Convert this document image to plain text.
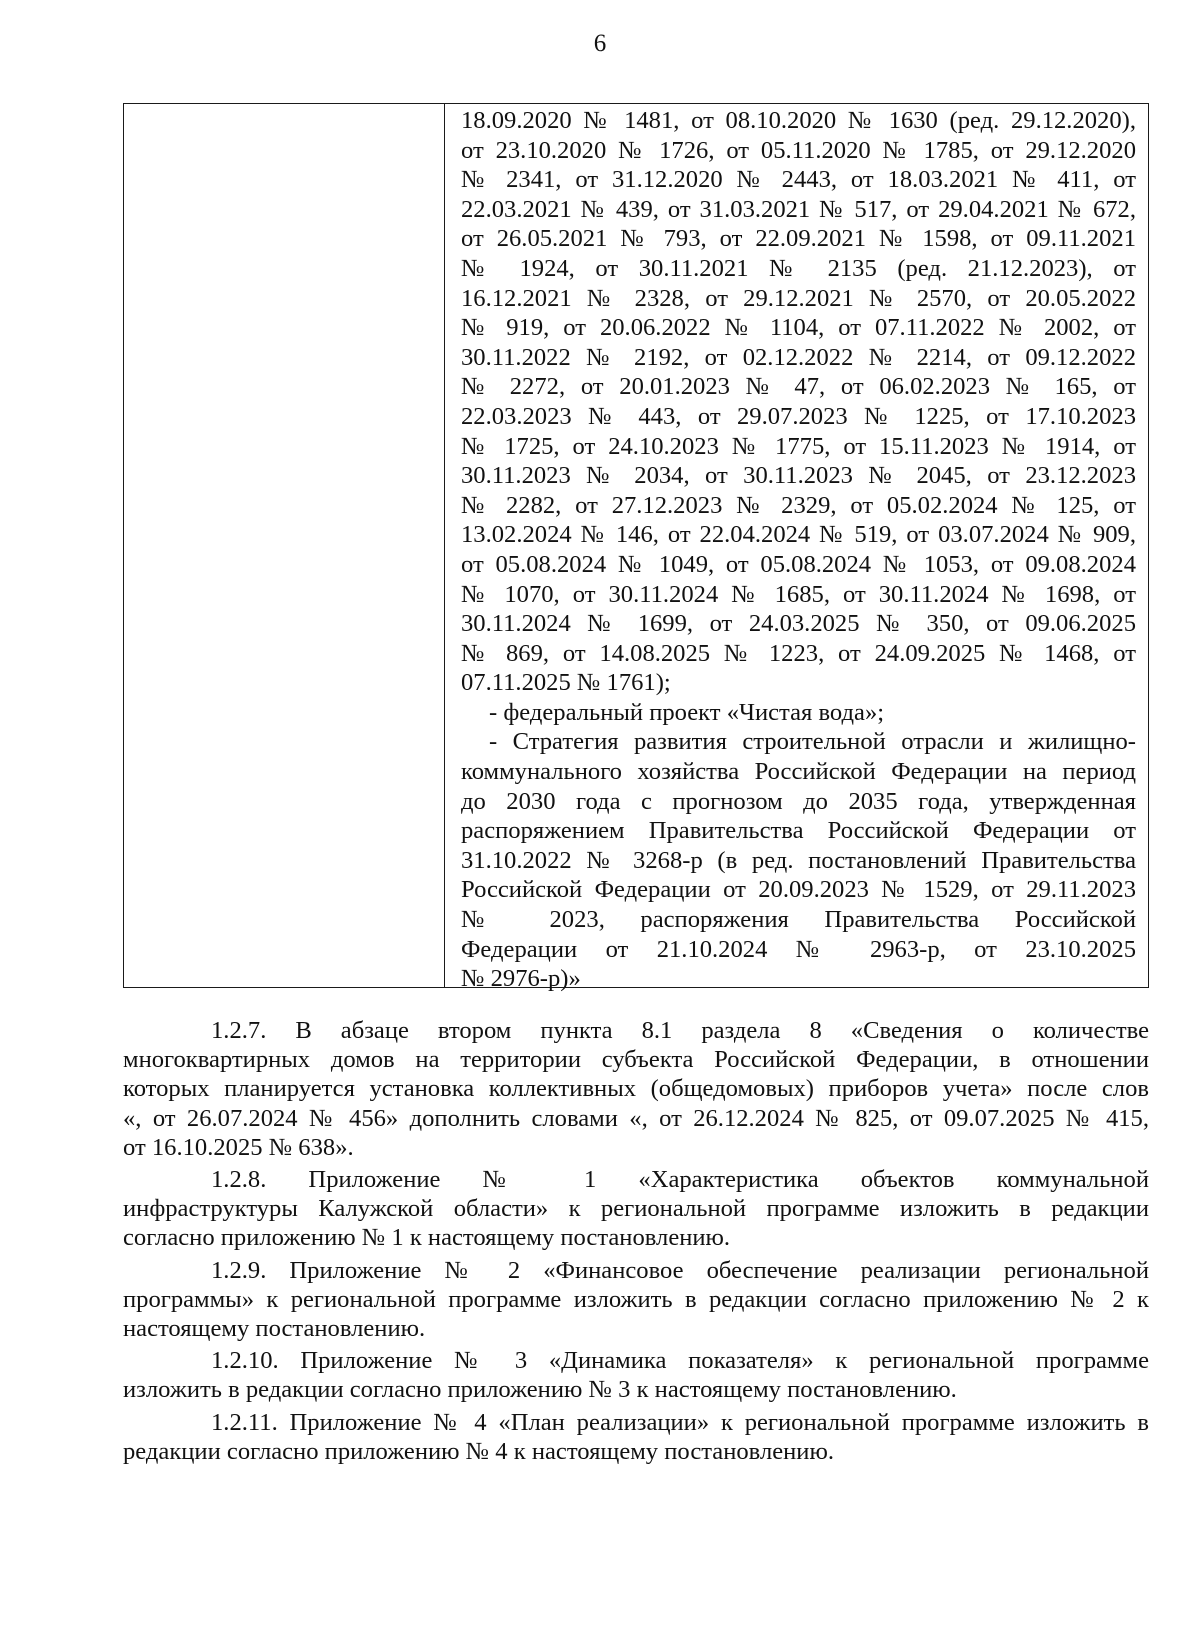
6
18.09.2020 № 1481, от 08.10.2020 № 1630 (ред. 29.12.2020),
от 23.10.2020 № 1726, от 05.11.2020 № 1785, от 29.12.2020
№ 2341, от 31.12.2020 № 2443, от 18.03.2021 № 411, от
22.03.2021 № 439, от 31.03.2021 № 517, от 29.04.2021 № 672,
от 26.05.2021 № 793, от 22.09.2021 № 1598, от 09.11.2021
№ 1924, от 30.11.2021 № 2135 (ред. 21.12.2023), от
16.12.2021 № 2328, от 29.12.2021 № 2570, от 20.05.2022
№ 919, от 20.06.2022 № 1104, от 07.11.2022 № 2002, от
30.11.2022 № 2192, от 02.12.2022 № 2214, от 09.12.2022
№ 2272, от 20.01.2023 № 47, от 06.02.2023 № 165, от
22.03.2023 № 443, от 29.07.2023 № 1225, от 17.10.2023
№ 1725, от 24.10.2023 № 1775, от 15.11.2023 № 1914, от
30.11.2023 № 2034, от 30.11.2023 № 2045, от 23.12.2023
№ 2282, от 27.12.2023 № 2329, от 05.02.2024 № 125, от
13.02.2024 № 146, от 22.04.2024 № 519, от 03.07.2024 № 909,
от 05.08.2024 № 1049, от 05.08.2024 № 1053, от 09.08.2024
№ 1070, от 30.11.2024 № 1685, от 30.11.2024 № 1698, от
30.11.2024 № 1699, от 24.03.2025 № 350, от 09.06.2025
№ 869, от 14.08.2025 № 1223, от 24.09.2025 № 1468, от
07.11.2025 № 1761);
- федеральный проект «Чистая вода»;
- Стратегия развития строительной отрасли и жилищно-
коммунального хозяйства Российской Федерации на период
до 2030 года с прогнозом до 2035 года, утвержденная
распоряжением Правительства Российской Федерации от
31.10.2022 № 3268-р (в ред. постановлений Правительства
Российской Федерации от 20.09.2023 № 1529, от 29.11.2023
№ 2023, распоряжения Правительства Российской
Федерации от 21.10.2024 № 2963-р, от 23.10.2025
№ 2976-р)»
1.2.7. В абзаце втором пункта 8.1 раздела 8 «Сведения о количестве
многоквартирных домов на территории субъекта Российской Федерации, в отношении
которых планируется установка коллективных (общедомовых) приборов учета» после слов
«, от 26.07.2024 № 456» дополнить словами «, от 26.12.2024 № 825, от 09.07.2025 № 415,
от 16.10.2025 № 638».
1.2.8. Приложение № 1 «Характеристика объектов коммунальной
инфраструктуры Калужской области» к региональной программе изложить в редакции
согласно приложению № 1 к настоящему постановлению.
1.2.9. Приложение № 2 «Финансовое обеспечение реализации региональной
программы» к региональной программе изложить в редакции согласно приложению № 2 к
настоящему постановлению.
1.2.10. Приложение № 3 «Динамика показателя» к региональной программе
изложить в редакции согласно приложению № 3 к настоящему постановлению.
1.2.11. Приложение № 4 «План реализации» к региональной программе изложить в
редакции согласно приложению № 4 к настоящему постановлению.
